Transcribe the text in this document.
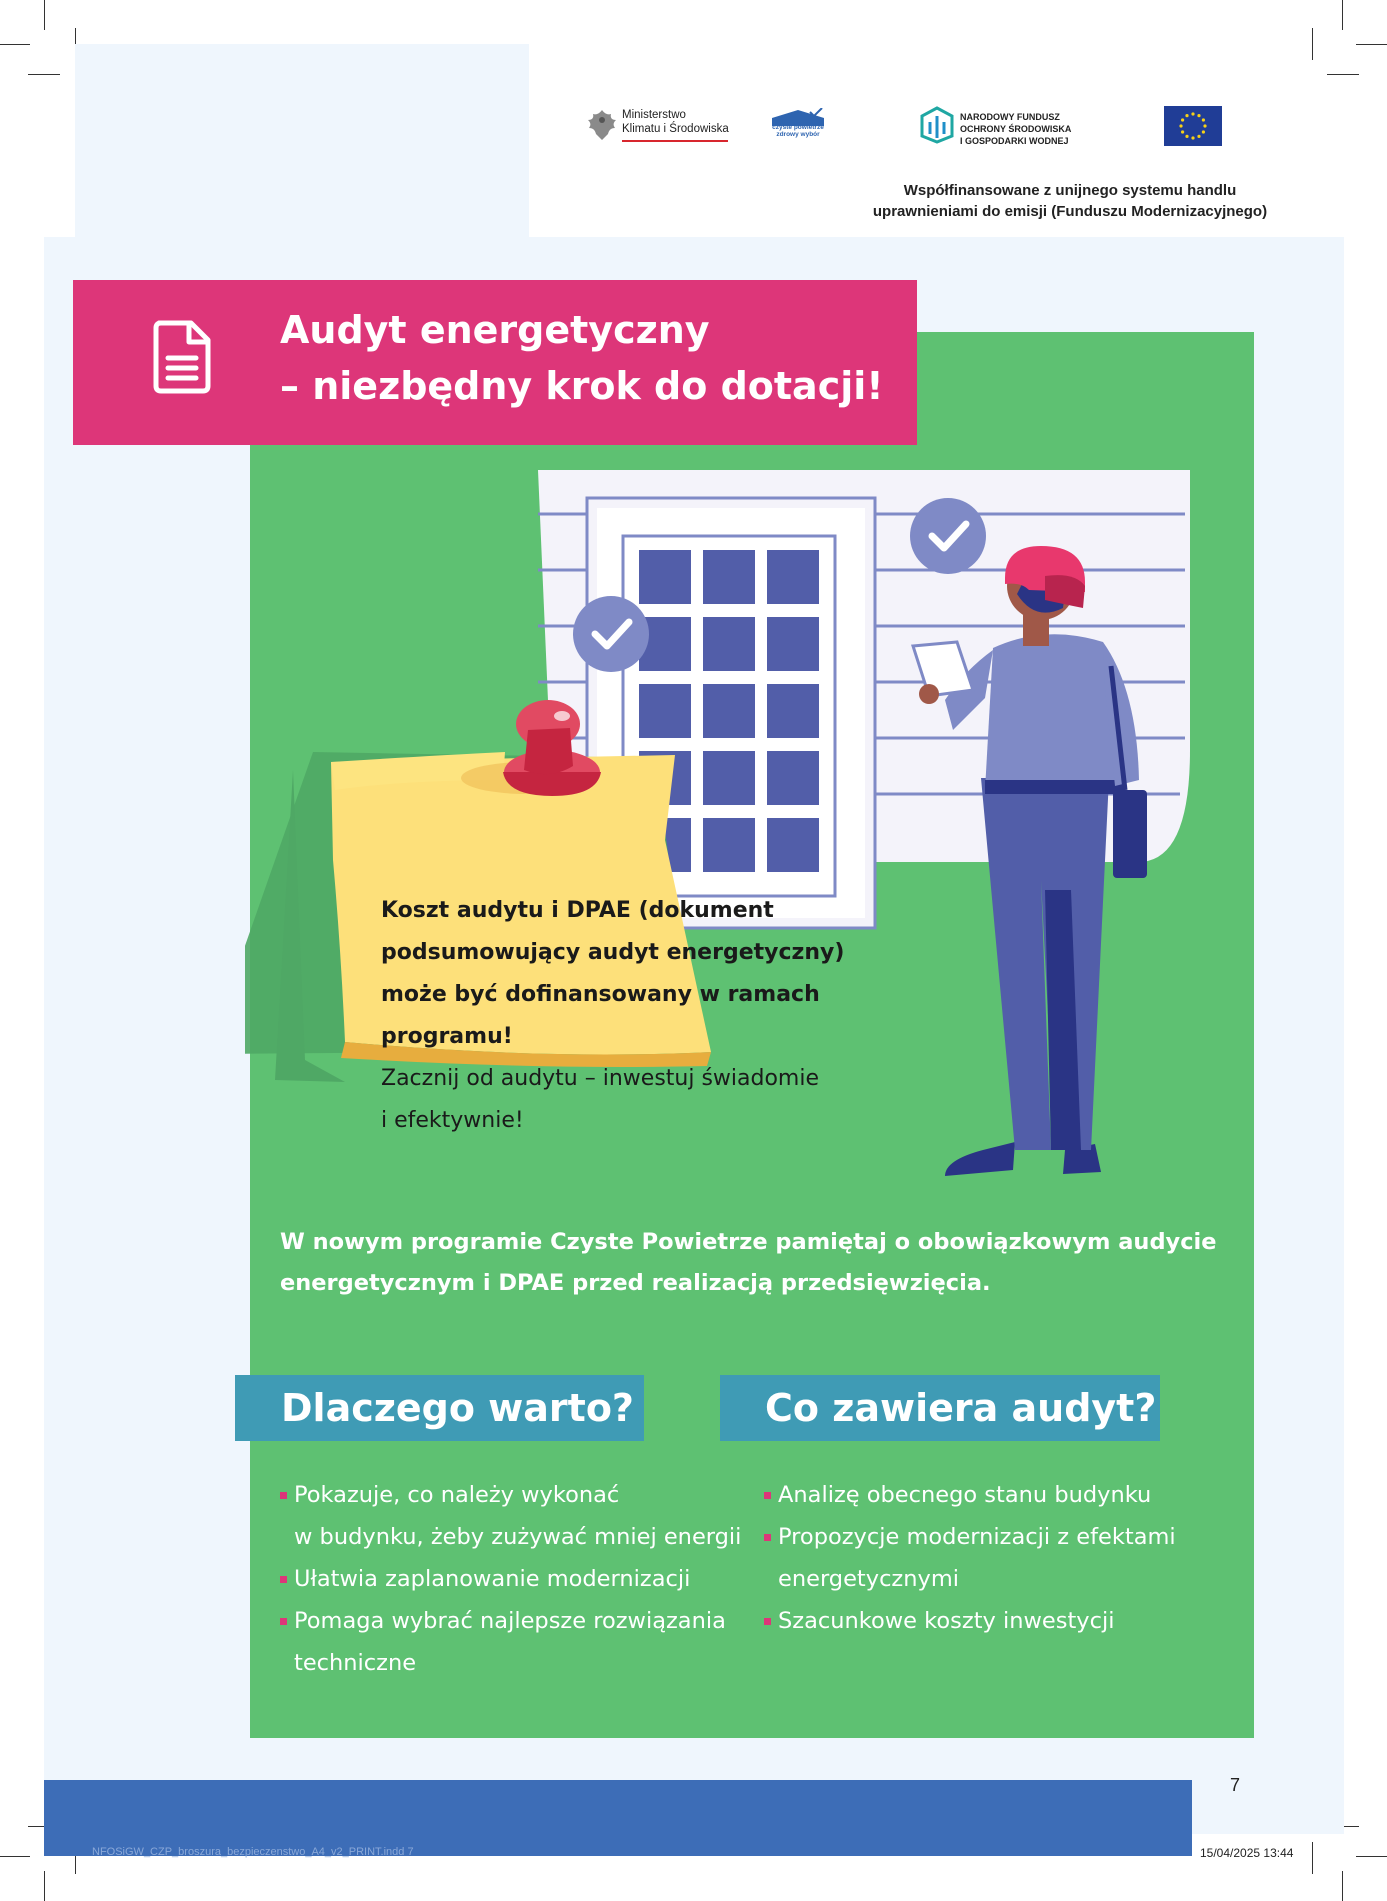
Ministerstwo
Klimatu i Środowiska	czyste powietrze
zdrowy wybór
NARODOWY FUNDUSZ
OCHRONY ŚRODOWISKA
I GOSPODARKI WODNEJ
Współfinansowane z unijnego systemu handlu
uprawnieniami do emisji (Funduszu Modernizacyjnego)
Audyt energetyczny
– niezbędny krok do dotacji!
Koszt audytu i DPAE (dokument
podsumowujący audyt energetyczny)
może być dofinansowany w ramach
programu!
Zacznij od audytu – inwestuj świadomie
i efektywnie!
W nowym programie Czyste Powietrze pamiętaj o obowiązkowym audycie
energetycznym i DPAE przed realizacją przedsięwzięcia.
Dlaczego warto?	Co zawiera audyt?
Pokazuje, co należy wykonać
w budynku, żeby zużywać mniej energii
Ułatwia zaplanowanie modernizacji
Pomaga wybrać najlepsze rozwiązania
techniczne
Analizę obecnego stanu budynku
Propozycje modernizacji z efektami
energetycznymi
Szacunkowe koszty inwestycji
7
NFOSiGW_CZP_broszura_bezpieczenstwo_A4_v2_PRINT.indd 7	15/04/2025 13:44
